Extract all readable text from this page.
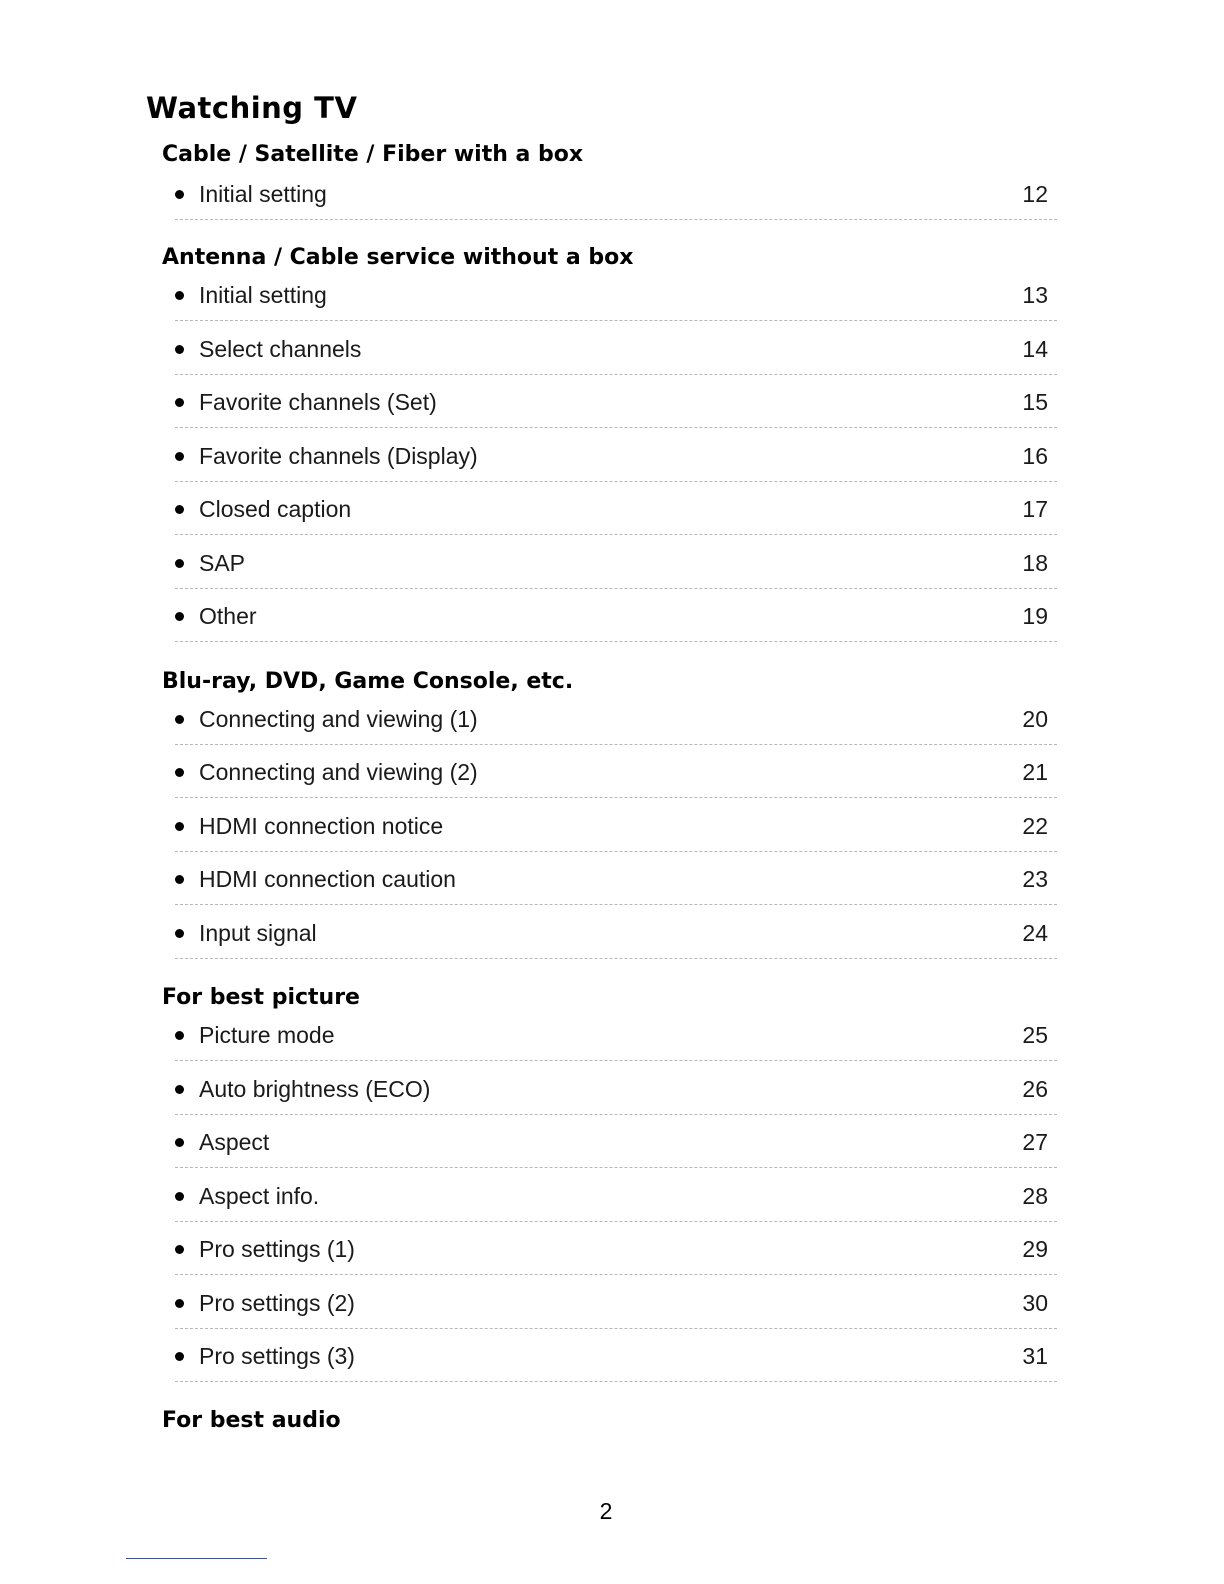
Watching TV
Cable / Satellite / Fiber with a box
Initial setting	12
Antenna / Cable service without a box
Initial setting	13
Select channels	14
Favorite channels (Set)	15
Favorite channels (Display)	16
Closed caption	17
SAP	18
Other	19
Blu-ray, DVD, Game Console, etc.
Connecting and viewing (1)	20
Connecting and viewing (2)	21
HDMI connection notice	22
HDMI connection caution	23
Input signal	24
For best picture
Picture mode	25
Auto brightness (ECO)	26
Aspect	27
Aspect info.	28
Pro settings (1)	29
Pro settings (2)	30
Pro settings (3)	31
For best audio
2
